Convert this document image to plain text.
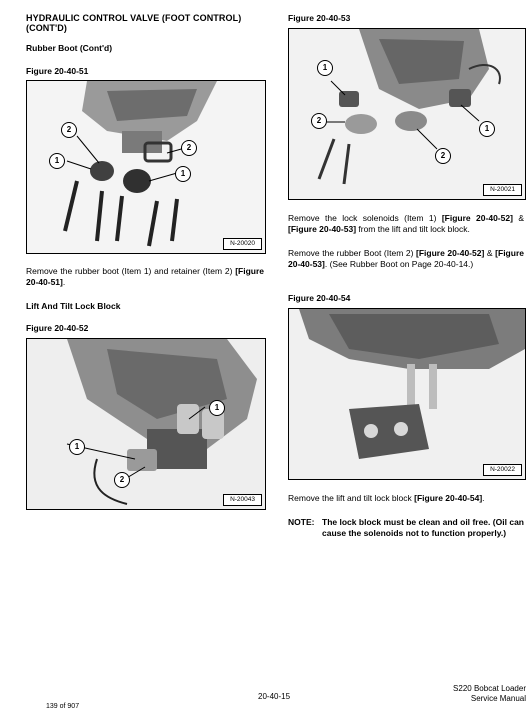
HYDRAULIC CONTROL VALVE (FOOT CONTROL) (CONT'D)
Rubber Boot (Cont'd)
Figure 20-40-51
2
1
2
1
N-20020
Remove the rubber boot (Item 1) and retainer (Item 2) [Figure 20-40-51].
Lift And Tilt Lock Block
Figure 20-40-52
1
1
2
N-20043
Figure 20-40-53
1
2
1
2
N-20021
Remove the lock solenoids (Item 1) [Figure 20-40-52] & [Figure 20-40-53] from the lift and tilt lock block.
Remove the rubber Boot (Item 2) [Figure 20-40-52] & [Figure 20-40-53]. (See Rubber Boot on Page 20-40-14.)
Figure 20-40-54
N-20022
Remove the lift and tilt lock block [Figure 20-40-54].
NOTE: The lock block must be clean and oil free. (Oil can cause the solenoids not to function properly.)
20-40-15
S220 Bobcat Loader
Service Manual
139 of 907
